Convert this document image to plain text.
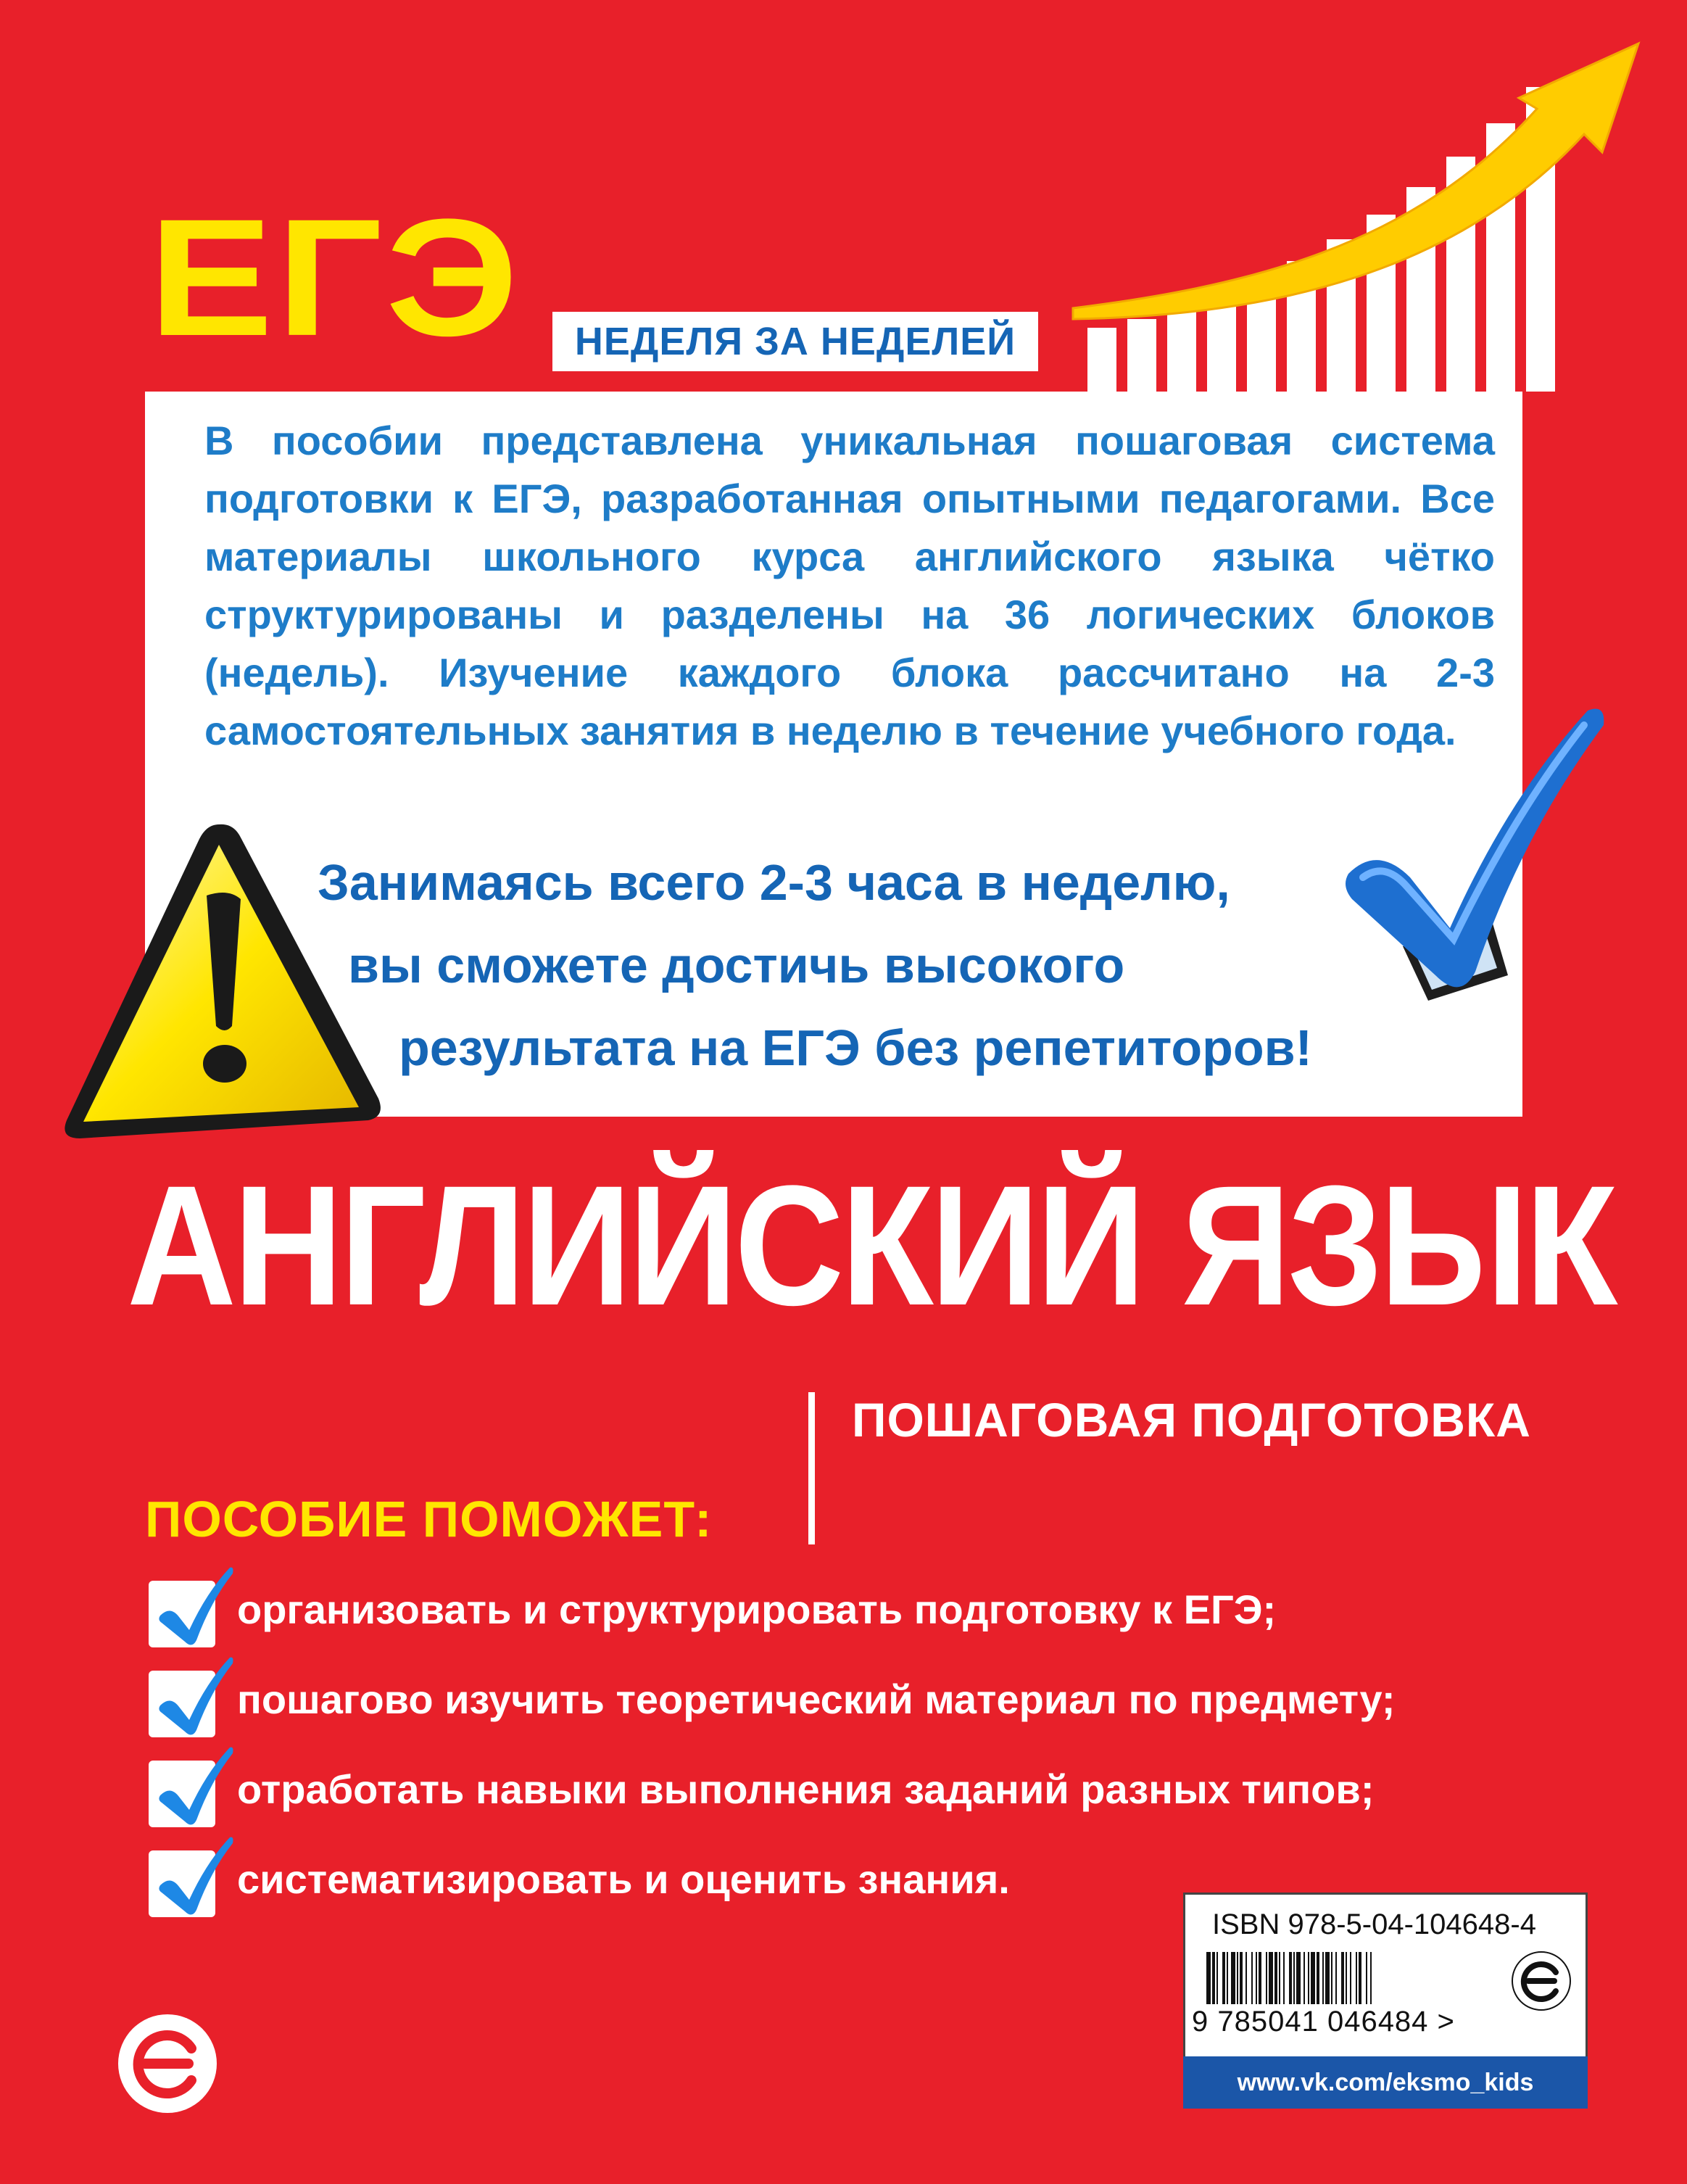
ЕГЭ	НЕДЕЛЯ ЗА НЕДЕЛЕЙ
В пособии представлена уникальная пошаговая система подготовки к ЕГЭ, разработанная опытными педагогами. Все материалы школьного курса английского языка чётко структурированы и разделены на 36 логических блоков (недель). Изучение каждого блока рассчитано на 2-3 самостоятельных занятия в неделю в течение учебного года.
Занимаясь всего 2-3 часа в неделю,
вы сможете достичь высокого
результата на ЕГЭ без репетиторов!
АНГЛИЙСКИЙ ЯЗЫК
ПОШАГОВАЯ ПОДГОТОВКА
ПОСОБИЕ ПОМОЖЕТ:
организовать и структурировать подготовку к ЕГЭ;
пошагово изучить теоретический материал по предмету;
отработать навыки выполнения заданий разных типов;
систематизировать и оценить знания.
ISBN 978-5-04-104648-4
9 785041 046484 >
www.vk.com/eksmo_kids
